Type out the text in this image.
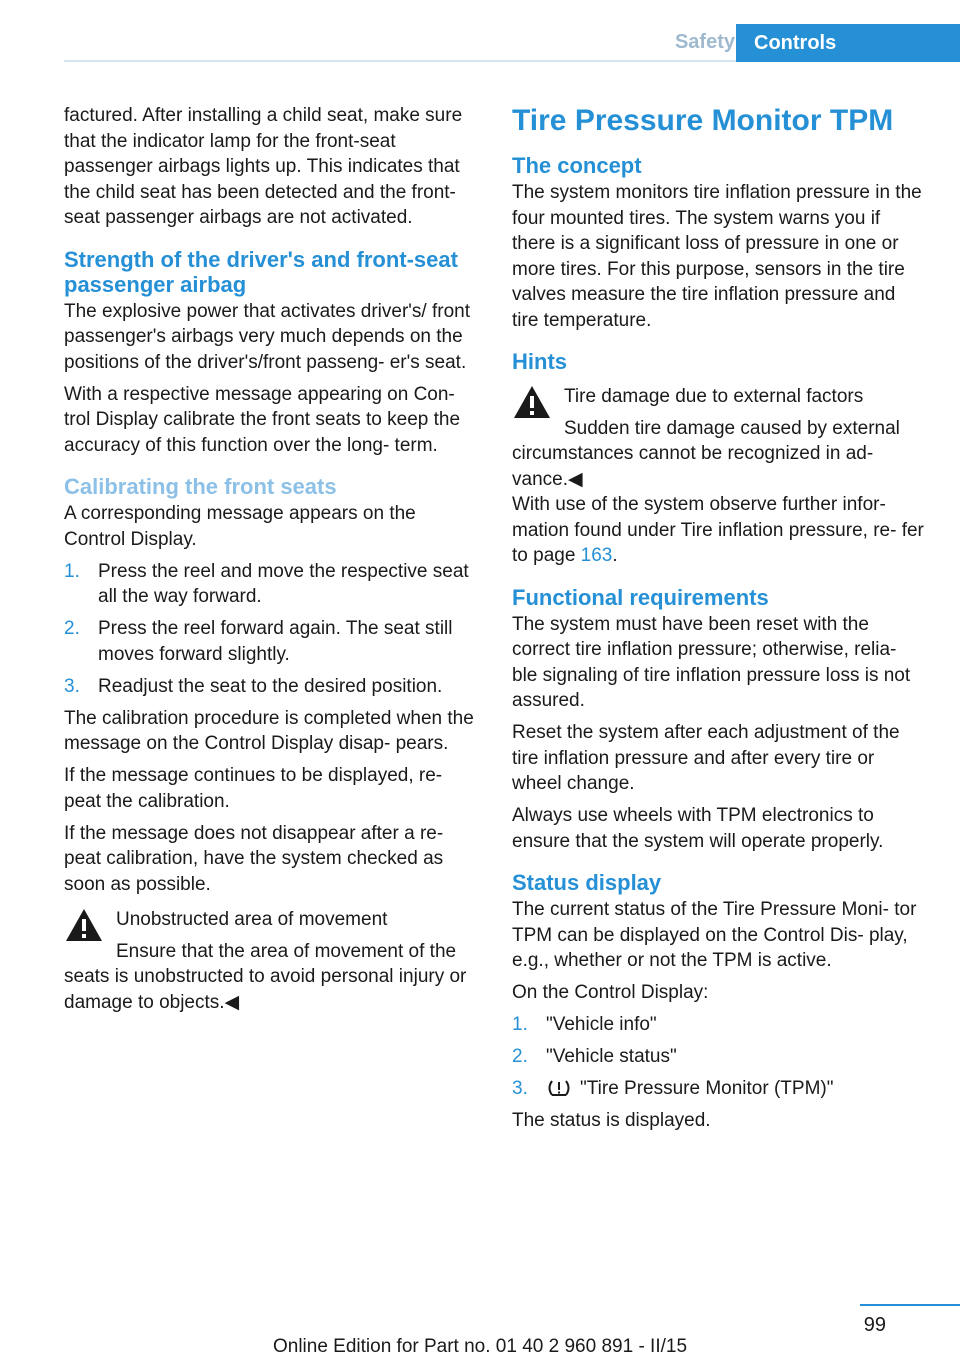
Safety Controls

factured. After installing a child seat, make sure that the indicator lamp for the front-seat passenger airbags lights up. This indicates that the child seat has been detected and the front-seat passenger airbags are not activated.

Strength of the driver's and front-seat passenger airbag

The explosive power that activates driver's/ front passenger's airbags very much depends on the positions of the driver's/front passeng‐ er's seat.

With a respective message appearing on Con‐ trol Display calibrate the front seats to keep the accuracy of this function over the long- term.

Calibrating the front seats

A corresponding message appears on the Control Display.

1. Press the reel and move the respective seat all the way forward.
2. Press the reel forward again. The seat still moves forward slightly.
3. Readjust the seat to the desired position.

The calibration procedure is completed when the message on the Control Display disap‐ pears.

If the message continues to be displayed, re‐ peat the calibration.

If the message does not disappear after a re‐ peat calibration, have the system checked as soon as possible.

Unobstructed area of movement
Ensure that the area of movement of the
seats is unobstructed to avoid personal injury or damage to objects.◀
Tire Pressure Monitor TPM
The concept

The system monitors tire inflation pressure in the four mounted tires. The system warns you if there is a significant loss of pressure in one or more tires. For this purpose, sensors in the tire valves measure the tire inflation pressure and tire temperature.

Hints
Tire damage due to external factors
Sudden tire damage caused by external
circumstances cannot be recognized in ad‐ vance.◀

With use of the system observe further infor‐ mation found under Tire inflation pressure, re‐ fer to page 163.

Functional requirements

The system must have been reset with the correct tire inflation pressure; otherwise, relia‐ ble signaling of tire inflation pressure loss is not assured.

Reset the system after each adjustment of the tire inflation pressure and after every tire or wheel change.

Always use wheels with TPM electronics to ensure that the system will operate properly.

Status display

The current status of the Tire Pressure Moni‐ tor TPM can be displayed on the Control Dis‐ play, e.g., whether or not the TPM is active.

On the Control Display:

1. "Vehicle info"
2. "Vehicle status"
3.	"Tire Pressure Monitor (TPM)"

The status is displayed.

99
Online Edition for Part no. 01 40 2 960 891 - II/15
